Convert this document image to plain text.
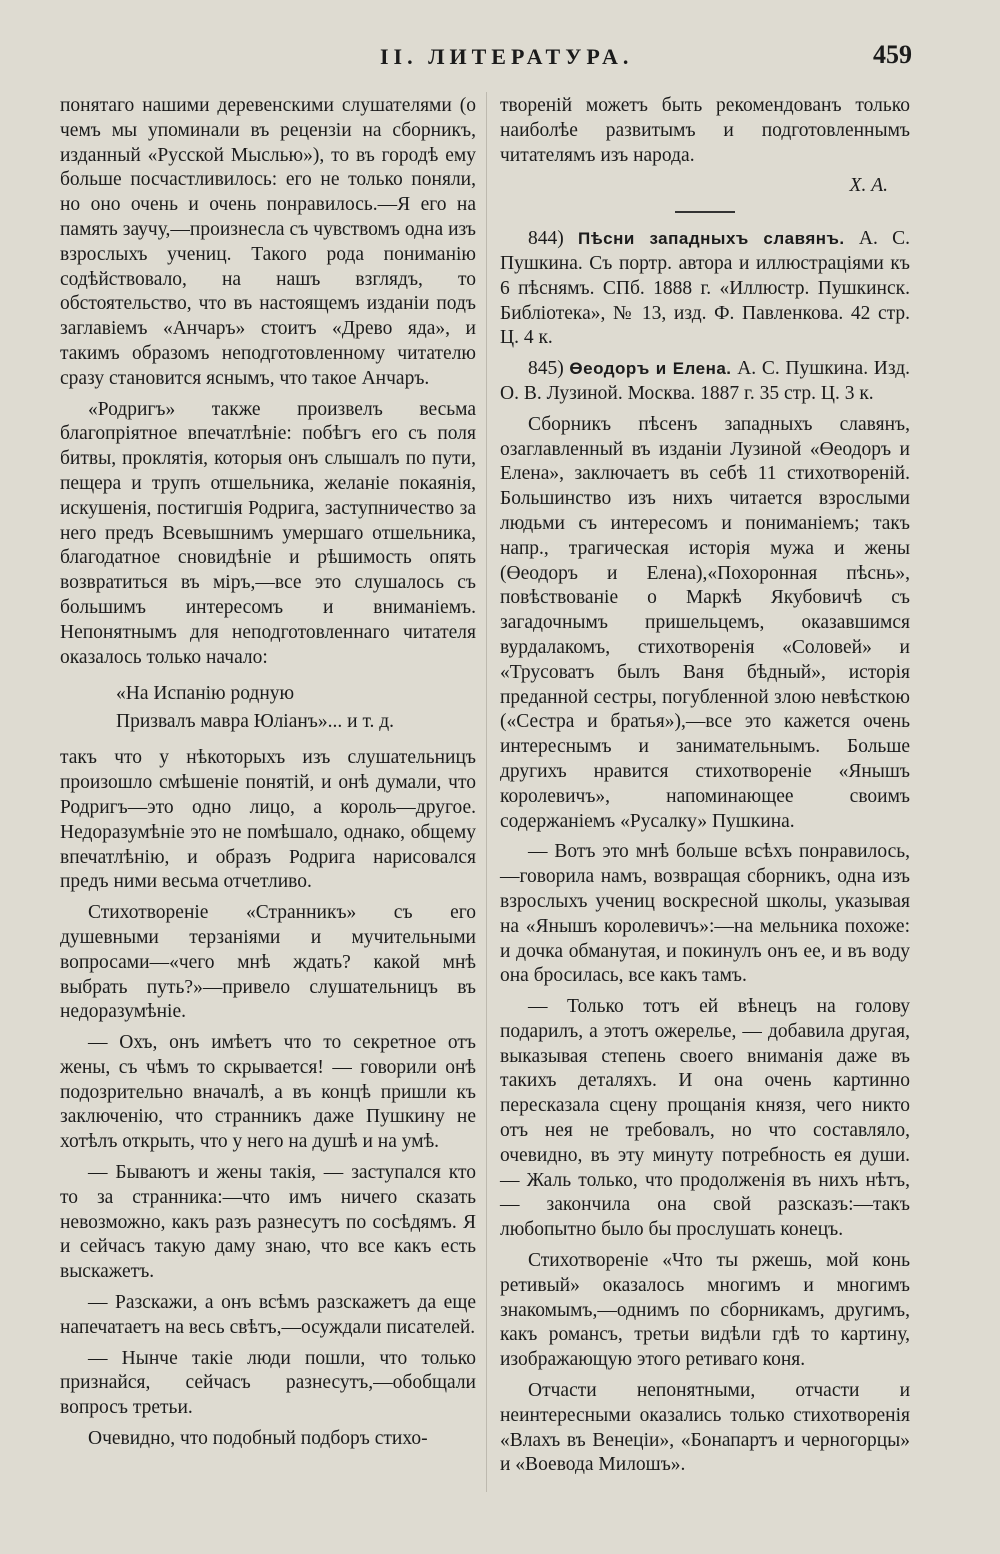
II. ЛИТЕРАТУРА.	459

понятаго нашими деревенскими слушателями (о чемъ мы упоминали въ рецензіи на сборникъ, изданный «Русской Мыслью»), то въ городѣ ему больше посчастливилось: его не только поняли, но оно очень и очень понравилось.—Я его на память заучу,—произнесла съ чувствомъ одна изъ взрослыхъ учениц. Такого рода пониманію содѣйствовало, на нашъ взглядъ, то обстоятельство, что въ настоящемъ изданіи подъ заглавіемъ «Анчаръ» стоитъ «Древо яда», и такимъ образомъ неподготовленному читателю сразу становится яснымъ, что такое Анчаръ.

«Родригъ» также произвелъ весьма благопріятное впечатлѣніе: побѣгъ его съ поля битвы, проклятія, которыя онъ слышалъ по пути, пещера и трупъ отшельника, желаніе покаянія, искушенія, постигшія Родрига, заступничество за него предъ Всевышнимъ умершаго отшельника, благодатное сновидѣніе и рѣшимость опять возвратиться въ міръ,—все это слушалось съ большимъ интересомъ и вниманіемъ. Непонятнымъ для неподготовленнаго читателя оказалось только начало:

«На Испанію родную
Призвалъ мавра Юліанъ»... и т. д.

такъ что у нѣкоторыхъ изъ слушательницъ произошло смѣшеніе понятій, и онѣ думали, что Родригъ—это одно лицо, а король—другое. Недоразумѣніе это не помѣшало, однако, общему впечатлѣнію, и образъ Родрига нарисовался предъ ними весьма отчетливо.

Стихотвореніе «Странникъ» съ его душевными терзаніями и мучительными вопросами—«чего мнѣ ждать? какой мнѣ выбрать путь?»—привело слушательницъ въ недоразумѣніе.

— Охъ, онъ имѣетъ что то секретное отъ жены, съ чѣмъ то скрывается! — говорили онѣ подозрительно вначалѣ, а въ концѣ пришли къ заключенію, что странникъ даже Пушкину не хотѣлъ открыть, что у него на душѣ и на умѣ.

— Бываютъ и жены такія, — заступался кто то за странника:—что имъ ничего сказать невозможно, какъ разъ разнесутъ по сосѣдямъ. Я и сейчасъ такую даму знаю, что все какъ есть выскажетъ.

— Разскажи, а онъ всѣмъ разскажетъ да еще напечатаетъ на весь свѣтъ,—осуждали писателей.

— Нынче такіе люди пошли, что только признайся, сейчасъ разнесутъ,—обобщали вопросъ третьи.

Очевидно, что подобный подборъ стихо-

твореній можетъ быть рекомендованъ только наиболѣе развитымъ и подготовленнымъ читателямъ изъ народа.

Х. А.

844) Пѣсни западныхъ славянъ. А. С. Пушкина. Съ портр. автора и иллюстраціями къ 6 пѣснямъ. СПб. 1888 г. «Иллюстр. Пушкинск. Библіотека», № 13, изд. Ф. Павленкова. 42 стр. Ц. 4 к.

845) Өеодоръ и Елена. А. С. Пушкина. Изд. О. В. Лузиной. Москва. 1887 г. 35 стр. Ц. 3 к.

Сборникъ пѣсенъ западныхъ славянъ, озаглавленный въ изданіи Лузиной «Өеодоръ и Елена», заключаетъ въ себѣ 11 стихотвореній. Большинство изъ нихъ читается взрослыми людьми съ интересомъ и пониманіемъ; такъ напр., трагическая исторія мужа и жены (Өеодоръ и Елена),«Похоронная пѣснь», повѣствованіе о Маркѣ Якубовичѣ съ загадочнымъ пришельцемъ, оказавшимся вурдалакомъ, стихотворенія «Соловей» и «Трусоватъ былъ Ваня бѣдный», исторія преданной сестры, погубленной злою невѣсткою («Сестра и братья»),—все это кажется очень интереснымъ и занимательнымъ. Больше другихъ нравится стихотвореніе «Янышъ королевичъ», напоминающее своимъ содержаніемъ «Русалку» Пушкина.

— Вотъ это мнѣ больше всѣхъ понравилось,—говорила намъ, возвращая сборникъ, одна изъ взрослыхъ учениц воскресной школы, указывая на «Янышъ королевичъ»:—на мельника похоже: и дочка обманутая, и покинулъ онъ ее, и въ воду она бросилась, все какъ тамъ.

— Только тотъ ей вѣнецъ на голову подарилъ, а этотъ ожерелье, — добавила другая, выказывая степень своего вниманія даже въ такихъ деталяхъ. И она очень картинно пересказала сцену прощанія князя, чего никто отъ нея не требовалъ, но что составляло, очевидно, въ эту минуту потребность ея души. — Жаль только, что продолженія въ нихъ нѣтъ, — закончила она свой разсказъ:—такъ любопытно было бы прослушать конецъ.

Стихотвореніе «Что ты ржешь, мой конь ретивый» оказалось многимъ и многимъ знакомымъ,—однимъ по сборникамъ, другимъ, какъ романсъ, третьи видѣли гдѣ то картину, изображающую этого ретиваго коня.

Отчасти непонятными, отчасти и неинтересными оказались только стихотворенія «Влахъ въ Венеціи», «Бонапартъ и черногорцы» и «Воевода Милошъ».
